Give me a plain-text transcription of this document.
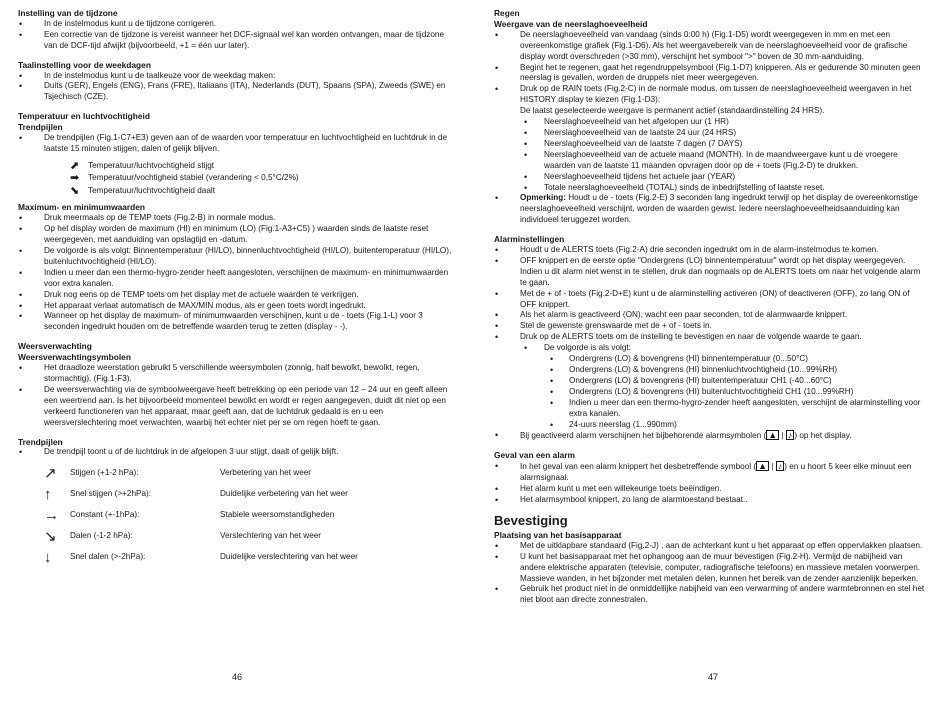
Instelling van de tijdzone
• In de instelmodus kunt u de tijdzone corrigeren.
• Een correctie van de tijdzone is vereist wanneer het DCF-signaal wel kan worden ontvangen, maar de tijdzone van de DCF-tijd afwijkt (bijvoorbeeld, +1 = één uur later).
Taalinstelling voor de weekdagen
• In de instelmodus kunt u de taalkeuze voor de weekdag maken:
• Duits (GER), Engels (ENG), Frans (FRE), Italiaans (ITA), Nederlands (DUT), Spaans (SPA), Zweeds (SWE) en Tsjechisch (CZE).
Temperatuur en luchtvochtigheid
Trendpijlen
• De trendpijlen (Fig.1-C7+E3) geven aan of de waarden voor temperatuur en luchtvochtigheid en luchtdruk in de laatste 15 minuten stijgen, dalen of gelijk blijven.
⬈	Temperatuur/luchtvochtigheid stijgt
➡	Temperatuur/vochtigheid stabiel (verandering < 0,5°C/2%)
⬊	Temperatuur/luchtvochtigheid daalt
Maximum- en minimumwaarden
• Druk meermaals op de TEMP toets (Fig.2-B) in normale modus.
• Op het display worden de maximum (HI) en minimum (LO) (Fig.1-A3+C5) ) waarden sinds de laatste reset weergegeven, met aanduiding van opslagtijd en -datum.
• De volgorde is als volgt: Binnentemperatuur (HI/LO), binnenluchtvochtigheid (HI/LO), buitentemperatuur (HI/LO), buitenluchtvochtigheid (HI/LO).
• Indien u meer dan een thermo-hygro-zender heeft aangesloten, verschijnen de maximum- en minimumwaarden voor extra kanalen.
• Druk nog eens op de TEMP toets om het display met de actuele waarden te verkrijgen.
• Het apparaat verlaat automatisch de MAX/MIN modus, als er geen toets wordt ingedrukt.
• Wanneer op het display de maximum- of minimumwaarden verschijnen, kunt u de - toets (Fig.1-L) voor 3 seconden ingedrukt houden om de betreffende waarden terug te zetten (display - -).
Weersverwachting
Weersverwachtingsymbolen
• Het draadloze weerstation gebruikt 5 verschillende weersymbolen (zonnig, half bewolkt, bewolkt, regen, stormachtig). (Fig.1-F3).
• De weersverwachting via de symboolweergave heeft betrekking op een periode van 12 – 24 uur en geeft alleen een weertrend aan. Is het bijvoorbeeld momenteel bewolkt en wordt er regen aangegeven, duidt dit niet op een verkeerd functioneren van het apparaat, maar geeft aan, dat de luchtdruk gedaald is en u een weersverslechtering moet verwachten, waarbij het echter niet per se om regen hoeft te gaan.
Trendpijlen
• De trendpijl toont u of de luchtdruk in de afgelopen 3 uur stijgt, daalt of gelijk blijft.
↗	Stijgen (+1-2 hPa):	Verbetering van het weer
↑	Snel stijgen (>+2hPa):	Duidelijke verbetering van het weer
→	Constant (+-1hPa):	Stabiele weersomstandigheden
↘	Dalen (-1-2 hPa):	Verslechtering van het weer
↓	Snel dalen (>-2hPa):	Duidelijke verslechtering van het weer
Regen
Weergave van de neerslaghoeveelheid
• De neerslaghoeveelheid van vandaag (sinds 0:00 h) (Fig.1-D5) wordt weergegeven in mm en met een overeenkomstige grafiek (Fig.1-D6). Als het weergavebereik van de neerslaghoeveelheid voor de grafische display wordt overschreden (>30 mm), verschijnt het symbool ">" boven de 30 mm-aanduiding.
• Begint het te regenen, gaat het regendruppelsymbool (Fig.1-D7) knipperen. Als er gedurende 30 minuten geen neerslag is gevallen, worden de druppels niet meer weergegeven.
• Druk op de RAIN toets (Fig.2-C) in de normale modus, om tussen de neerslaghoeveelheid weergaven in het HISTORY display te kiezen (Fig.1-D3):
De laatst geselecteerde weergave is permanent actief (standaardinstelling 24 HRS).
• Neerslaghoeveelheid van het afgelopen uur (1 HR)
• Neerslaghoeveelheid van de laatste 24 uur (24 HRS)
• Neerslaghoeveelheid van de laatste 7 dagen (7 DAYS)
• Neerslaghoeveelheid van de actuele maand (MONTH). In de maandweergave kunt u de vroegere waarden van de laatste 11 maanden opvragen door op de + toets (Fig.2-D) te drukken.
• Neerslaghoeveelheid tijdens het actuele jaar (YEAR)
• Totale neerslaghoeveelheid (TOTAL) sinds de inbedrijfstelling of laatste reset.
• Opmerking: Houdt u de - toets (Fig.2-E) 3 seconden lang ingedrukt terwijl op het display de overeenkomstige neerslaghoeveelheid verschijnt, worden de waarden gewist. Iedere neerslaghoeveelheidsaanduiding kan individueel teruggezet worden.
Alarminstellingen
• Houdt u de ALERTS toets (Fig.2-A) drie seconden ingedrukt om in de alarm-instelmodus te komen.
• OFF knippert en de eerste optie "Ondergrens (LO) binnentemperatuur" wordt op het display weergegeven. Indien u dit alarm niet wenst in te stellen, druk dan nogmaals op de ALERTS toets om naar het volgende alarm te gaan.
• Met de + of - toets (Fig.2-D+E) kunt u de alarminstelling activeren (ON) of deactiveren (OFF), zo lang ON of OFF knippert.
• Als het alarm is geactiveerd (ON), wacht een paar seconden, tot de alarmwaarde knippert.
• Stel de gewenste grenswaarde met de + of - toets in.
• Druk op de ALERTS toets om de instelling te bevestigen en naar de volgende waarde te gaan.
• De volgorde is als volgt:
• Ondergrens (LO) & bovengrens (HI) binnentemperatuur (0...50°C)
• Ondergrens (LO) & bovengrens (HI) binnenluchtvochtigheid (10...99%RH)
• Ondergrens (LO) & bovengrens (HI) buitentemperatuur CH1 (-40...60°C)
• Ondergrens (LO) & bovengrens (HI) buitenluchtvochtigheid CH1 (10...99%RH)
• Indien u meer dan een thermo-hygro-zender heeft aangesloten, verschijnt de alarminstelling voor extra kanalen.
• 24-uurs neerslag (1...990mm)
• Bij geactiveerd alarm verschijnen het bijbehorende alarmsymbolen ( ▲ | ♪ ) op het display.
Geval van een alarm
• In het geval van een alarm knippert het desbetreffende symbool ( ▲ | ♪ ) en u hoort 5 keer elke minuut een alarmsignaal.
• Het alarm kunt u met een willekeurige toets beëindigen.
• Het alarmsymbool knippert, zo lang de alarmtoestand bestaat..
Bevestiging
Plaatsing van het basisapparaat
• Met de uitklapbare standaard (Fig.2-J) , aan de achterkant kunt u het apparaat op effen oppervlakken plaatsen.
• U kunt het basisapparaat met het ophangoog aan de muur bevestigen (Fig.2-H). Vermijd de nabijheid van andere elektrische apparaten (televisie, computer, radiografische telefoons) en massieve metalen voorwerpen. Massieve wanden, in het bijzonder met metalen delen, kunnen het bereik van de zender aanzienlijk beperken.
• Gebruik het product niet in de onmiddellijke nabijheid van een verwarming of andere warmtebronnen en stel het niet bloot aan directe zonnestralen.
46	47
